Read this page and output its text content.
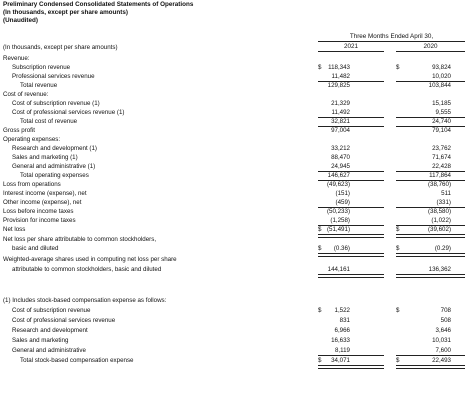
Preliminary Condensed Consolidated Statements of Operations
(In thousands, except per share amounts)
(Unaudited)
Three Months Ended April 30,
2021	2020
(In thousands, except per share amounts)
Revenue:
Subscription revenue	$ 118,343	$	93,824
Professional services revenue	11,482	10,020
Total revenue	129,825	103,844
Cost of revenue:
Cost of subscription revenue (1)	21,329	15,185
Cost of professional services revenue (1)	11,492	9,555
Total cost of revenue	32,821	24,740
Gross profit	97,004	79,104
Operating expenses:
Research and development (1)	33,212	23,762
Sales and marketing (1)	88,470	71,674
General and administrative (1)	24,945	22,428
Total operating expenses	146,627	117,864
Loss from operations	(49,623)	(38,760)
Interest income (expense), net	(151)	511
Other income (expense), net	(459)	(331)
Loss before income taxes	(50,233)	(38,580)
Provision for income taxes	(1,258)	(1,022)
Net loss	$ (51,491)	$	(39,602)
Net loss per share attributable to common stockholders,
basic and diluted	$ (0.36)	$	(0.29)
Weighted-average shares used in computing net loss per share
attributable to common stockholders, basic and diluted	144,161	136,362
(1) Includes stock-based compensation expense as follows:
Cost of subscription revenue	$ 1,522	$	708
Cost of professional services revenue	831	508
Research and development	6,966	3,646
Sales and marketing	16,633	10,031
General and administrative	8,119	7,600
Total stock-based compensation expense	$ 34,071	$	22,493
